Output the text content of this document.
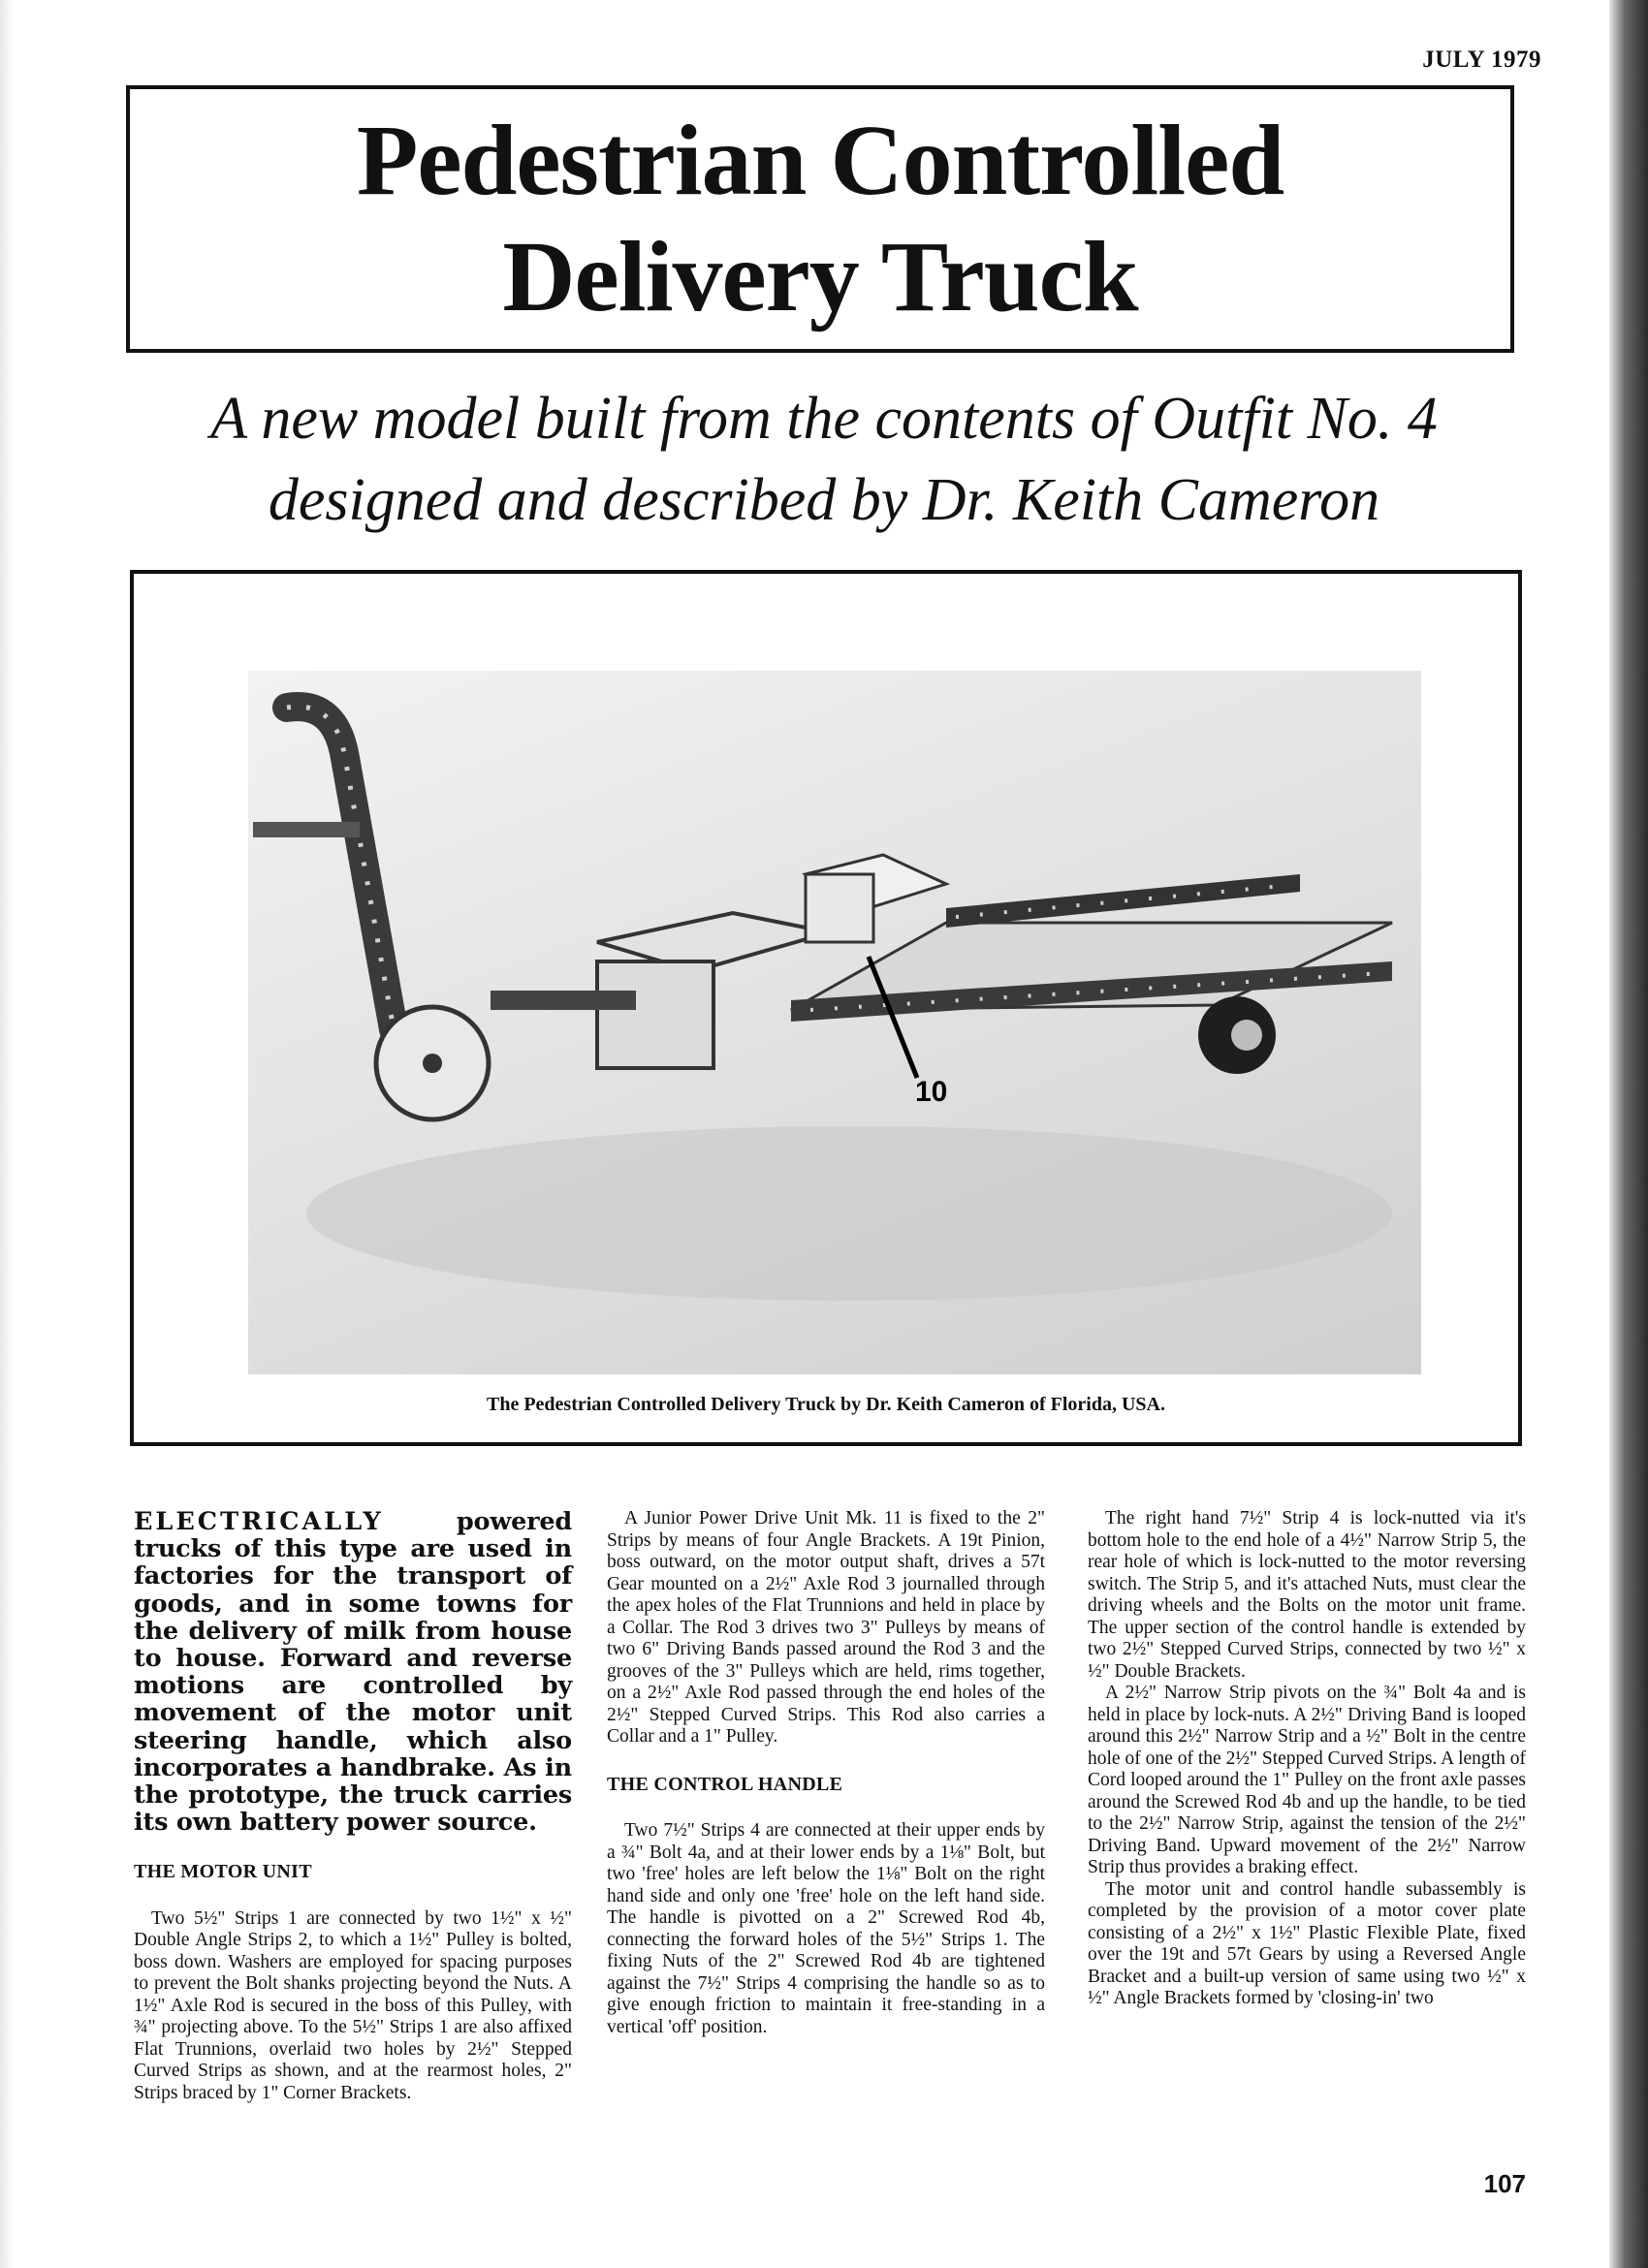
JULY 1979
Pedestrian Controlled
Delivery Truck
A new model built from the contents of Outfit No. 4
designed and described by Dr. Keith Cameron
10
The Pedestrian Controlled Delivery Truck by Dr. Keith Cameron of Florida, USA.

ELECTRICALLY powered trucks of this type are used in factories for the transport of goods, and in some towns for the delivery of milk from house to house. Forward and reverse motions are controlled by movement of the motor unit steering handle, which also incorporates a handbrake. As in the prototype, the truck carries its own battery power source.

THE MOTOR UNIT

Two 5½" Strips 1 are connected by two 1½" x ½" Double Angle Strips 2, to which a 1½" Pulley is bolted, boss down. Washers are employed for spacing purposes to prevent the Bolt shanks projecting beyond the Nuts. A 1½" Axle Rod is secured in the boss of this Pulley, with ¾" projecting above. To the 5½" Strips 1 are also affixed Flat Trunnions, overlaid two holes by 2½" Stepped Curved Strips as shown, and at the rearmost holes, 2" Strips braced by 1" Corner Brackets.

A Junior Power Drive Unit Mk. 11 is fixed to the 2" Strips by means of four Angle Brackets. A 19t Pinion, boss outward, on the motor output shaft, drives a 57t Gear mounted on a 2½" Axle Rod 3 journalled through the apex holes of the Flat Trunnions and held in place by a Collar. The Rod 3 drives two 3" Pulleys by means of two 6" Driving Bands passed around the Rod 3 and the grooves of the 3" Pulleys which are held, rims together, on a 2½" Axle Rod passed through the end holes of the 2½" Stepped Curved Strips. This Rod also carries a Collar and a 1" Pulley.

THE CONTROL HANDLE

Two 7½" Strips 4 are connected at their upper ends by a ¾" Bolt 4a, and at their lower ends by a 1⅛" Bolt, but two 'free' holes are left below the 1⅛" Bolt on the right hand side and only one 'free' hole on the left hand side. The handle is pivotted on a 2" Screwed Rod 4b, connecting the forward holes of the 5½" Strips 1. The fixing Nuts of the 2" Screwed Rod 4b are tightened against the 7½" Strips 4 comprising the handle so as to give enough friction to maintain it free-standing in a vertical 'off' position.

The right hand 7½" Strip 4 is lock-nutted via it's bottom hole to the end hole of a 4½" Narrow Strip 5, the rear hole of which is lock-nutted to the motor reversing switch. The Strip 5, and it's attached Nuts, must clear the driving wheels and the Bolts on the motor unit frame. The upper section of the control handle is extended by two 2½" Stepped Curved Strips, connected by two ½" x ½" Double Brackets.

A 2½" Narrow Strip pivots on the ¾" Bolt 4a and is held in place by lock-nuts. A 2½" Driving Band is looped around this 2½" Narrow Strip and a ½" Bolt in the centre hole of one of the 2½" Stepped Curved Strips. A length of Cord looped around the 1" Pulley on the front axle passes around the Screwed Rod 4b and up the handle, to be tied to the 2½" Narrow Strip, against the tension of the 2½" Driving Band. Upward movement of the 2½" Narrow Strip thus provides a braking effect.

The motor unit and control handle subassembly is completed by the provision of a motor cover plate consisting of a 2½" x 1½" Plastic Flexible Plate, fixed over the 19t and 57t Gears by using a Reversed Angle Bracket and a built-up version of same using two ½" x ½" Angle Brackets formed by 'closing-in' two

107
